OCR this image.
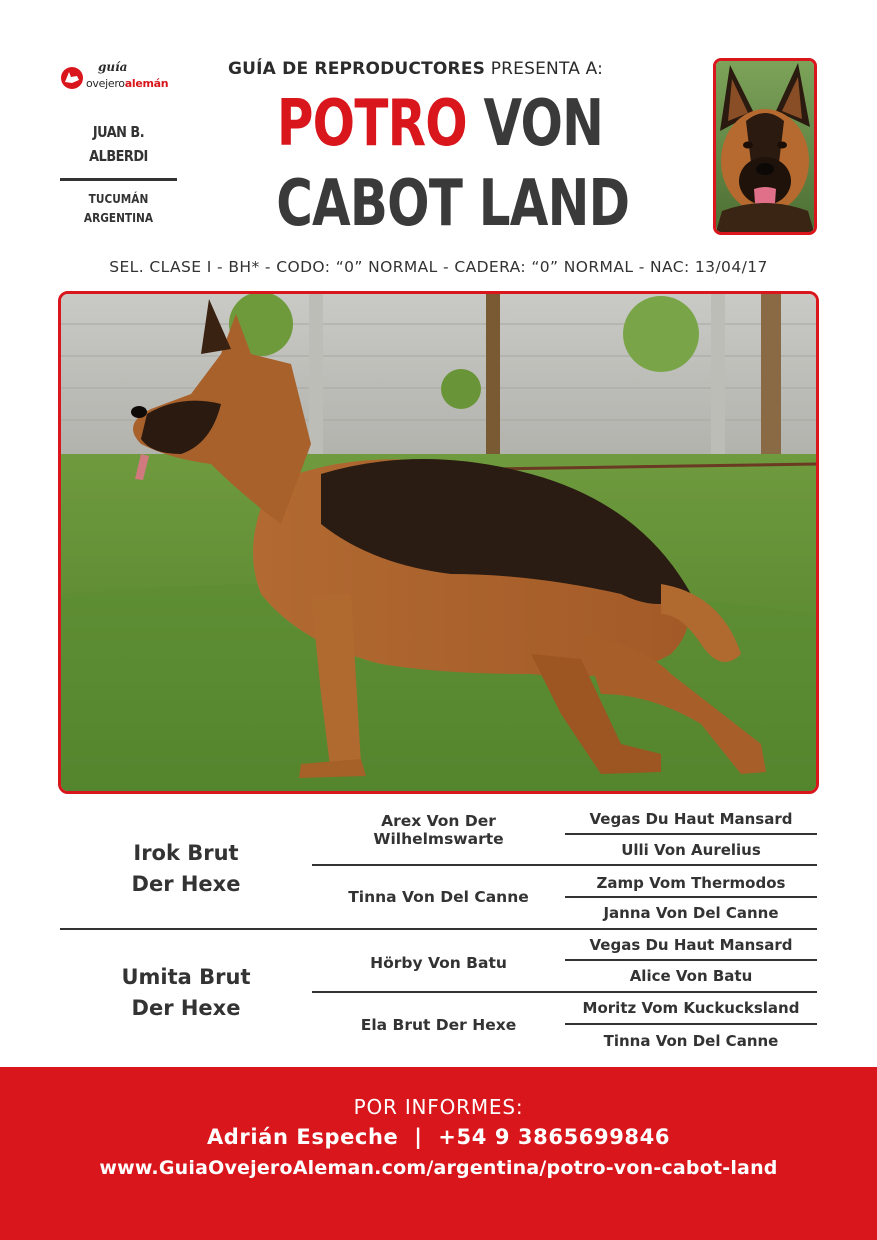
guía
ovejeroalemán
JUAN B.
ALBERDI
TUCUMÁN
ARGENTINA
GUÍA DE REPRODUCTORES PRESENTA A:
POTRO VON
CABOT LAND
SEL. CLASE I - BH* - CODO: “0” NORMAL - CADERA: “0” NORMAL - NAC: 13/04/17
Irok Brut
Der Hexe
Arex Von Der
Wilhelmswarte
Vegas Du Haut Mansard
Ulli Von Aurelius
Tinna Von Del Canne
Zamp Vom Thermodos
Janna Von Del Canne
Umita Brut
Der Hexe
Hörby Von Batu
Vegas Du Haut Mansard
Alice Von Batu
Ela Brut Der Hexe
Moritz Vom Kuckucksland
Tinna Von Del Canne
POR INFORMES:
Adrián Espeche  |  +54 9 3865699846
www.GuiaOvejeroAleman.com/argentina/potro-von-cabot-land
